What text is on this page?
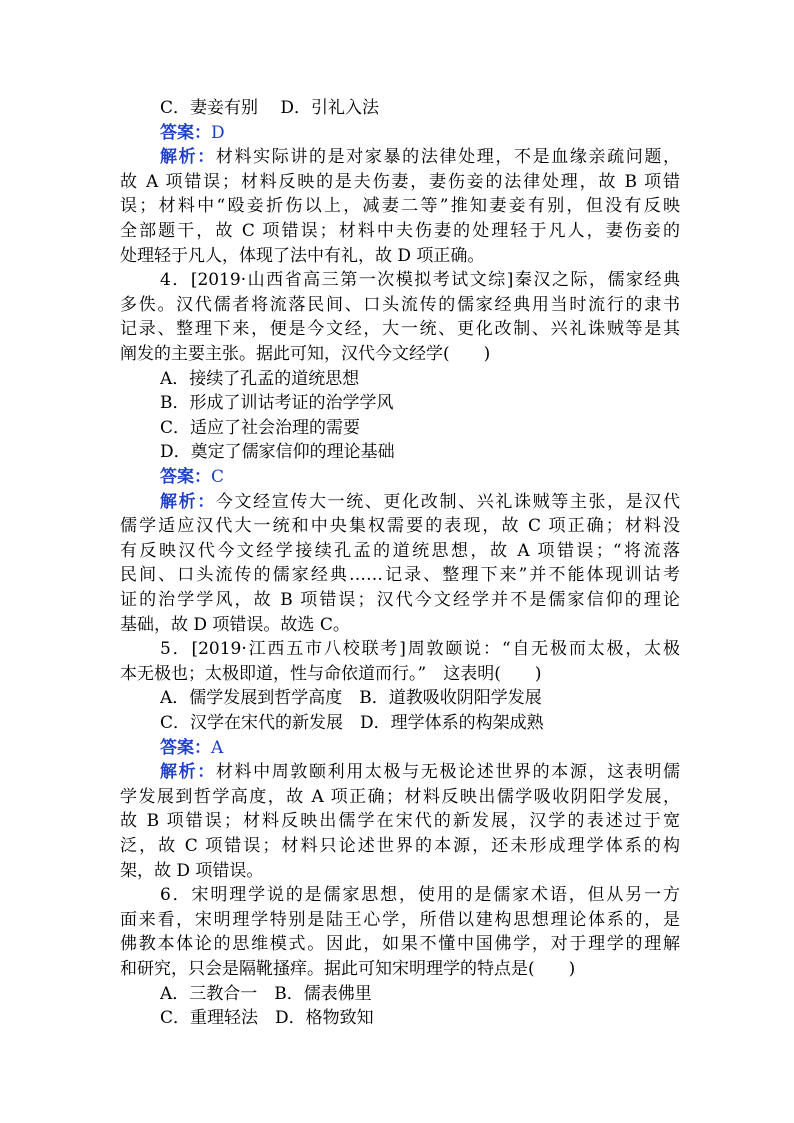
C．妻妾有别　 D．引礼入法
答案：D
解析：材料实际讲的是对家暴的法律处理，不是血缘亲疏问题，
故 A 项错误；材料反映的是夫伤妻，妻伤妾的法律处理，故 B 项错
误；材料中“殴妾折伤以上，减妻二等”推知妻妾有别，但没有反映
全部题干，故 C 项错误；材料中夫伤妻的处理轻于凡人，妻伤妾的
处理轻于凡人，体现了法中有礼，故 D 项正确。
4．[2019·山西省高三第一次模拟考试文综]秦汉之际，儒家经典
多佚。汉代儒者将流落民间、口头流传的儒家经典用当时流行的隶书
记录、整理下来，便是今文经，大一统、更化改制、兴礼诛贼等是其
阐发的主要主张。据此可知，汉代今文经学(　　)
A．接续了孔孟的道统思想
B．形成了训诂考证的治学学风
C．适应了社会治理的需要
D．奠定了儒家信仰的理论基础
答案：C
解析：今文经宣传大一统、更化改制、兴礼诛贼等主张，是汉代
儒学适应汉代大一统和中央集权需要的表现，故 C 项正确；材料没
有反映汉代今文经学接续孔孟的道统思想，故 A 项错误；“将流落
民间、口头流传的儒家经典……记录、整理下来”并不能体现训诂考
证的治学学风，故 B 项错误；汉代今文经学并不是儒家信仰的理论
基础，故 D 项错误。故选 C。
5．[2019·江西五市八校联考]周敦颐说：“自无极而太极，太极
本无极也；太极即道，性与命依道而行。”　这表明(　　)
A．儒学发展到哲学高度　B．道教吸收阴阳学发展
C．汉学在宋代的新发展　D．理学体系的构架成熟
答案：A
解析：材料中周敦颐利用太极与无极论述世界的本源，这表明儒
学发展到哲学高度，故 A 项正确；材料反映出儒学吸收阴阳学发展，
故 B 项错误；材料反映出儒学在宋代的新发展，汉学的表述过于宽
泛，故 C 项错误；材料只论述世界的本源，还未形成理学体系的构
架，故 D 项错误。
6．宋明理学说的是儒家思想，使用的是儒家术语，但从另一方
面来看，宋明理学特别是陆王心学，所借以建构思想理论体系的，是
佛教本体论的思维模式。因此，如果不懂中国佛学，对于理学的理解
和研究，只会是隔靴搔痒。据此可知宋明理学的特点是(　　)
A．三教合一　B．儒表佛里
C．重理轻法　D．格物致知
